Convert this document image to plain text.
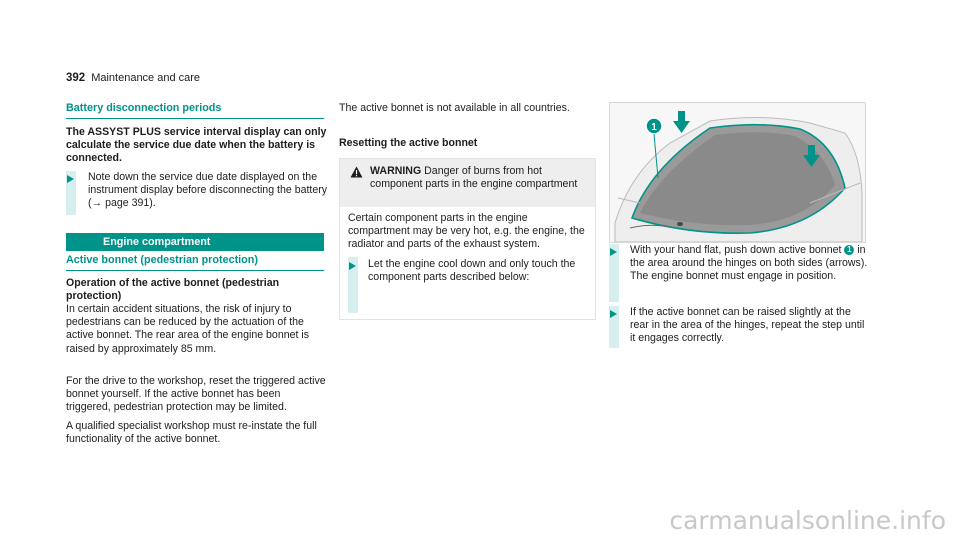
392 Maintenance and care
Battery disconnection periods

The ASSYST PLUS service interval display can only calculate the service due date when the battery is connected.

Note down the service due date displayed on the instrument display before disconnecting the battery (→ page 391).

Engine compartment
Active bonnet (pedestrian protection)

Operation of the active bonnet (pedestrian protection)

In certain accident situations, the risk of injury to pedestrians can be reduced by the actuation of the active bonnet. The rear area of the engine bonnet is raised by approximately 85 mm.

For the drive to the workshop, reset the triggered active bonnet yourself. If the active bonnet has been triggered, pedestrian protection may be limited.

A qualified specialist workshop must re-instate the full functionality of the active bonnet.

The active bonnet is not available in all countries.

Resetting the active bonnet

WARNING Danger of burns from hot component parts in the engine compartment

Certain component parts in the engine compartment may be very hot, e.g. the engine, the radiator and parts of the exhaust system.

Let the engine cool down and only touch the component parts described below:

1

With your hand flat, push down active bonnet 1 in the area around the hinges on both sides (arrows).
The engine bonnet must engage in position.

If the active bonnet can be raised slightly at the rear in the area of the hinges, repeat the step until it engages correctly.

carmanualsonline.info
